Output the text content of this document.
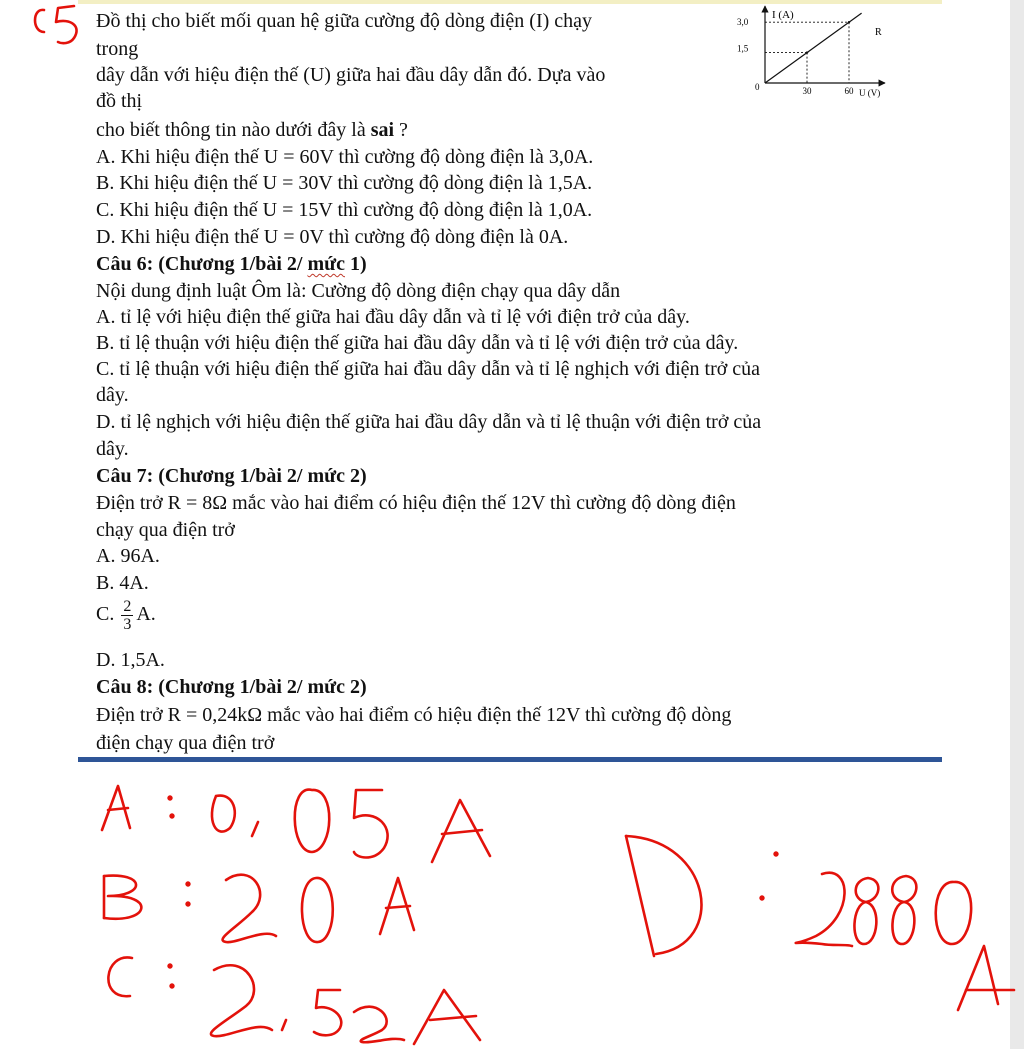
Đồ thị cho biết mối quan hệ giữa cường độ dòng điện (I) chạy
trong
dây dẫn với hiệu điện thế (U) giữa hai đầu dây dẫn đó. Dựa vào
đồ thị
cho biết thông tin nào dưới đây là sai ?
A. Khi hiệu điện thế U = 60V thì cường độ dòng điện là 3,0A.
B. Khi hiệu điện thế U = 30V thì cường độ dòng điện là 1,5A.
C. Khi hiệu điện thế U = 15V thì cường độ dòng điện là 1,0A.
D. Khi hiệu điện thế U = 0V thì cường độ dòng điện là 0A.
Câu 6: (Chương 1/bài 2/ mức 1)
Nội dung định luật Ôm là: Cường độ dòng điện chạy qua dây dẫn
A. tỉ lệ với hiệu điện thế giữa hai đầu dây dẫn và tỉ lệ với điện trở của dây.
B. tỉ lệ thuận với hiệu điện thế giữa hai đầu dây dẫn và tỉ lệ với điện trở của dây.
C. tỉ lệ thuận với hiệu điện thế giữa hai đầu dây dẫn và tỉ lệ nghịch với điện trở của
dây.
D. tỉ lệ nghịch với hiệu điện thế giữa hai đầu dây dẫn và tỉ lệ thuận với điện trở của
dây.
Câu 7: (Chương 1/bài 2/ mức 2)
Điện trở R = 8Ω mắc vào hai điểm có hiệu điện thế 12V thì cường độ dòng điện
chạy qua điện trở
A. 96A.
B. 4A.
C. $\frac{2}{3} A$.
D. 1,5A.
Câu 8: (Chương 1/bài 2/ mức 2)
Điện trở R = 0,24kΩ mắc vào hai điểm có hiệu điện thế 12V thì cường độ dòng
điện chạy qua điện trở
I (A)
R
0
U (V)
30	60
1,5
3,0
